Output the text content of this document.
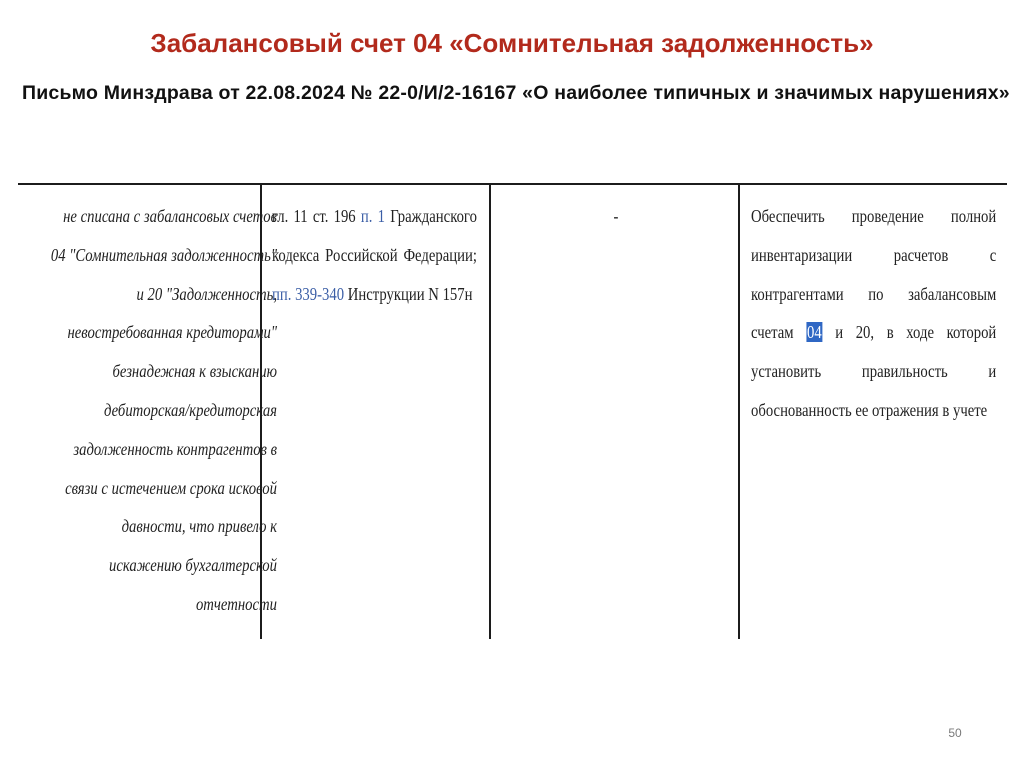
Забалансовый счет 04 «Сомнительная задолженность»

Письмо Минздрава от 22.08.2024 № 22-0/И/2-16167 «О наиболее типичных и значимых нарушениях»

не списана с забалансовых счетов 04 "Сомнительная задолженность" и 20 "Задолженность, невостребованная кредиторами" безнадежная к взысканию дебиторская/кредиторская задолженность контрагентов в связи с истечением срока исковой давности, что привело к искажению бухгалтерской отчетности
гл. 11 ст. 196 п. 1 Гражданского кодекса Российской Федерации; пп. 339-340 Инструкции N 157н
-	Обеспечить проведение полной инвентаризации расчетов с контрагентами по забалансовым счетам 04 и 20, в ходе которой установить правильность и обоснованность ее отражения в учете
50
